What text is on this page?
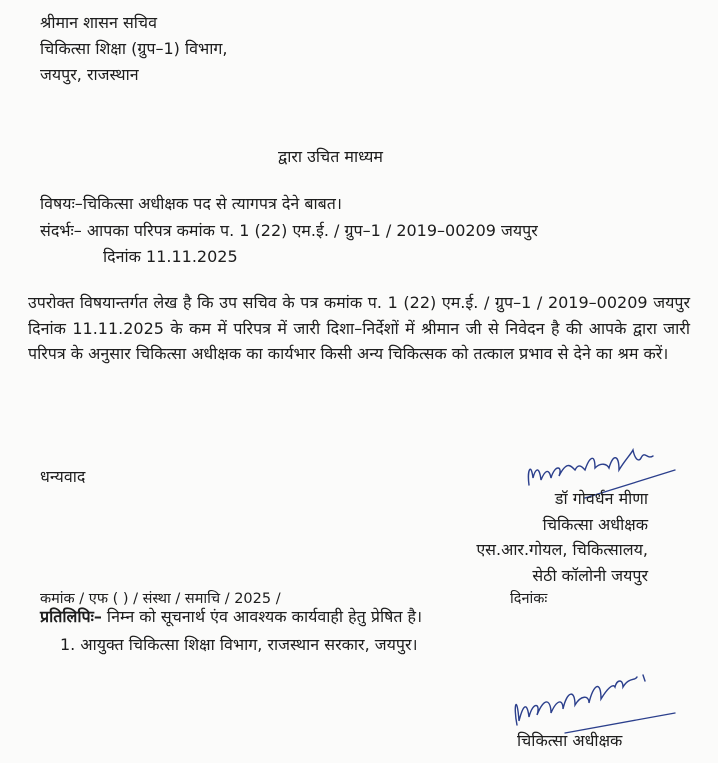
श्रीमान शासन सचिव
चिकित्सा शिक्षा (ग्रुप–1) विभाग,
जयपुर, राजस्थान
द्वारा उचित माध्यम
विषयः–चिकित्सा अधीक्षक पद से त्यागपत्र देने बाबत।
संदर्भः– आपका परिपत्र कमांक प. 1 (22) एम.ई. / ग्रुप–1 / 2019–00209 जयपुर
दिनांक 11.11.2025
उपरोक्त विषयान्तर्गत लेख है कि उप सचिव के पत्र कमांक प. 1 (22) एम.ई. / ग्रुप–1 / 2019–00209 जयपुर दिनांक 11.11.2025 के कम में परिपत्र में जारी दिशा–निर्देशों में श्रीमान जी से निवेदन है की आपके द्वारा जारी परिपत्र के अनुसार चिकित्सा अधीक्षक का कार्यभार किसी अन्य चिकित्सक को तत्काल प्रभाव से देने का श्रम करें।
धन्यवाद
डॉ गोवर्धन मीणा
चिकित्सा अधीक्षक
एस.आर.गोयल, चिकित्सालय,
सेठी कॉलोनी जयपुर
कमांक / एफ ( ) / संस्था / समाचि / 2025 /	दिनांकः
प्रतिलिपिः– निम्न को सूचनार्थ एंव आवश्यक कार्यवाही हेतु प्रेषित है।
1. आयुक्त चिकित्सा शिक्षा विभाग, राजस्थान सरकार, जयपुर।
चिकित्सा अधीक्षक
